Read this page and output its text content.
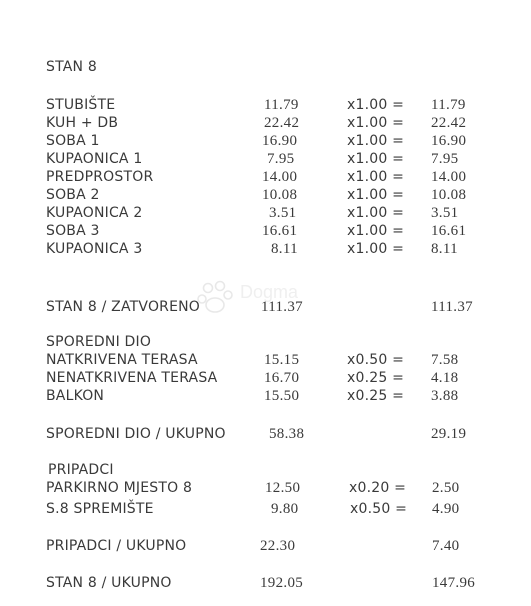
STAN 8
STUBIŠTE	11.79	x1.00 = 11.79
KUH + DB	22.42	x1.00 = 22.42
SOBA 1	16.90	x1.00 = 16.90
KUPAONICA 1	7.95	x1.00 = 7.95
PREDPROSTOR	14.00	x1.00 = 14.00
SOBA 2	10.08	x1.00 = 10.08
KUPAONICA 2	3.51	x1.00 = 3.51
SOBA 3	16.61	x1.00 = 16.61
KUPAONICA 3	8.11	x1.00 = 8.11
Dogma
STAN 8 / ZATVORENO	111.37	111.37
SPOREDNI DIO
NATKRIVENA TERASA	15.15	x0.50 = 7.58
NENATKRIVENA TERASA	16.70	x0.25 = 4.18
BALKON	15.50	x0.25 = 3.88
SPOREDNI DIO / UKUPNO	58.38	29.19
PRIPADCI
PARKIRNO MJESTO 8	12.50	x0.20 = 2.50
S.8 SPREMIŠTE	9.80	x0.50 = 4.90
PRIPADCI / UKUPNO	22.30	7.40
STAN 8 / UKUPNO	192.05	147.96
